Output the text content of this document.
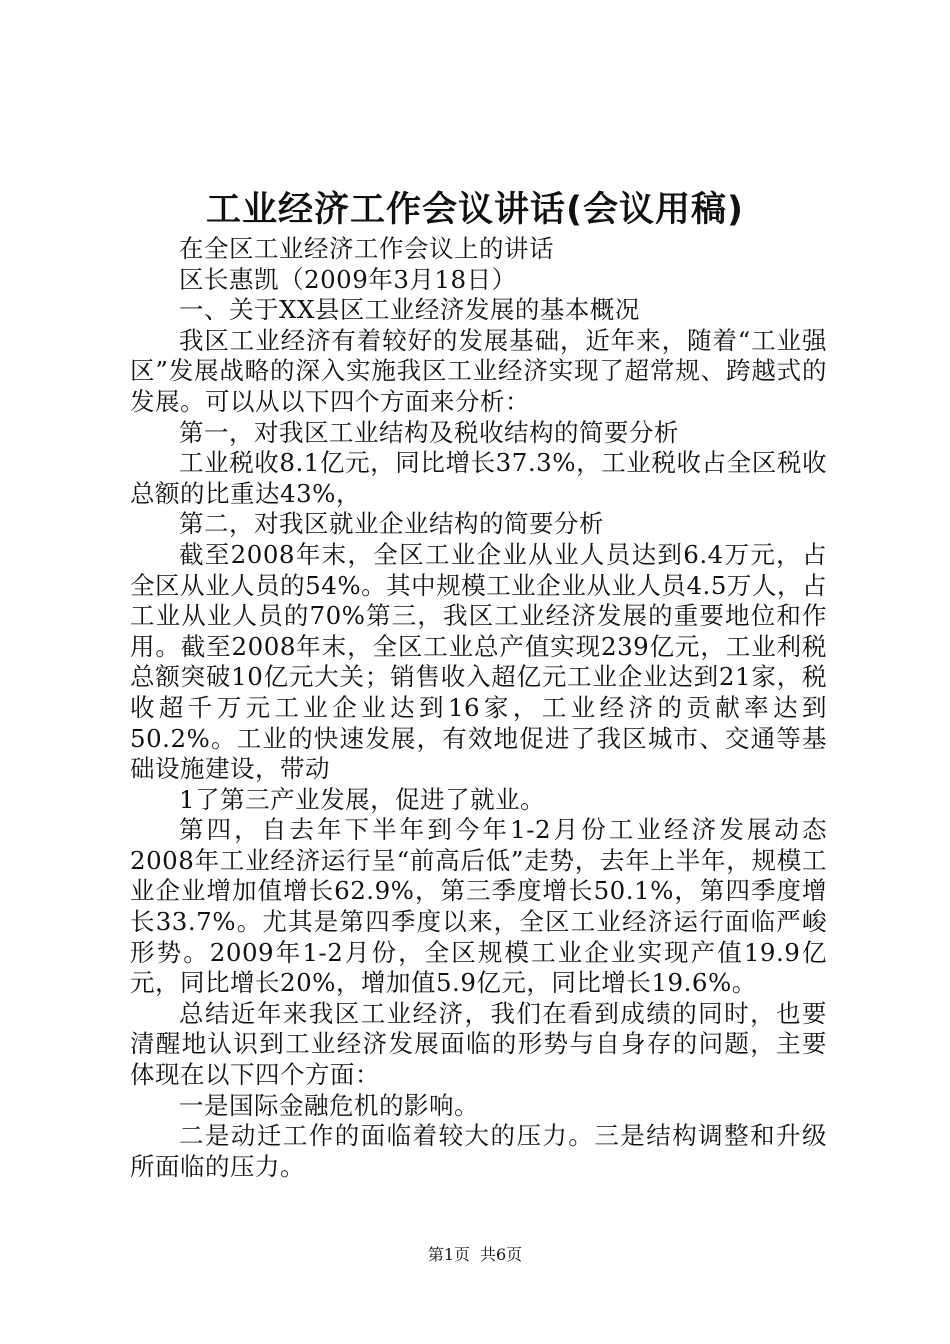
工业经济工作会议讲话(会议用稿)

在全区工业经济工作会议上的讲话

区长惠凯（2009年3月18日）

一、关于XX县区工业经济发展的基本概况

我区工业经济有着较好的发展基础，近年来，随着“工业强区”发展战略的深入实施我区工业经济实现了超常规、跨越式的发展。可以从以下四个方面来分析：

第一，对我区工业结构及税收结构的简要分析

工业税收8.1亿元，同比增长37.3%，工业税收占全区税收总额的比重达43%，

第二，对我区就业企业结构的简要分析

截至2008年末，全区工业企业从业人员达到6.4万元，占全区从业人员的54%。其中规模工业企业从业人员4.5万人，占工业从业人员的70%第三，我区工业经济发展的重要地位和作用。截至2008年末，全区工业总产值实现239亿元，工业利税总额突破10亿元大关；销售收入超亿元工业企业达到21家，税收超千万元工业企业达到16家，工业经济的贡献率达到50.2%。工业的快速发展，有效地促进了我区城市、交通等基础设施建设，带动

1了第三产业发展，促进了就业。

第四，自去年下半年到今年1-2月份工业经济发展动态2008年工业经济运行呈“前高后低”走势，去年上半年，规模工业企业增加值增长62.9%，第三季度增长50.1%，第四季度增长33.7%。尤其是第四季度以来，全区工业经济运行面临严峻形势。2009年1-2月份，全区规模工业企业实现产值19.9亿元，同比增长20%，增加值5.9亿元，同比增长19.6%。

总结近年来我区工业经济，我们在看到成绩的同时，也要清醒地认识到工业经济发展面临的形势与自身存的问题，主要体现在以下四个方面：

一是国际金融危机的影响。

二是动迁工作的面临着较大的压力。三是结构调整和升级所面临的压力。

第1页 共6页
